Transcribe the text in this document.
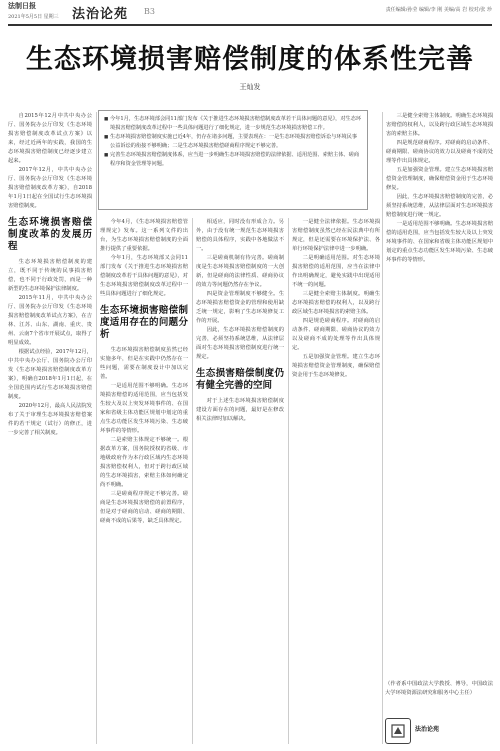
法制日报
2021年5月5日 星期三 法治论苑 B3	责任编辑/孙莹 编辑/李 刚 美编/高 岩 校对/张 珍
生态环境损害赔偿制度的体系性完善
王灿发
■ 今年1月，生态环境部会同11部门发布《关于推进生态环境损害赔偿制度改革若干具体问题的意见》，对生态环境损害赔偿制度改革过程中一些具体问题进行了细化规定，进一步规范生态环境损害赔偿工作。
■ 生态环境损害赔偿制度实施已近4年，仍存在诸多问题，主要表现在：一是生态环境损害赔偿诉讼与环境民事公益诉讼的衔接不够明确；二是生态环境损害赔偿磋商程序规定不够完善。
■ 完善生态环境损害赔偿制度体系，应当进一步明确生态环境损害赔偿的法律依据、适用范围、索赔主体、磋商程序和资金管理等问题。

自2015年12月中共中央办公厅、国务院办公厅印发《生态环境损害赔偿制度改革试点方案》以来，经过近两年的实践，我国的生态环境损害赔偿制度已经逐步建立起来。

2017年12月，中共中央办公厅、国务院办公厅印发《生态环境损害赔偿制度改革方案》，自2018年1月1日起在全国试行生态环境损害赔偿制度。

生态环境损害赔偿制度改革的发展历程

生态环境损害赔偿制度的建立，既不同于传统的民事损害赔偿，也不同于行政处罚，而是一种新型的生态环境保护法律制度。

2015年11月，中共中央办公厅、国务院办公厅印发《生态环境损害赔偿制度改革试点方案》，在吉林、江苏、山东、湖南、重庆、贵州、云南7个省市开展试点，取得了明显成效。

根据试点经验，2017年12月，中共中央办公厅、国务院办公厅印发《生态环境损害赔偿制度改革方案》，明确自2018年1月1日起，在全国范围内试行生态环境损害赔偿制度。

2020年12月，最高人民法院发布了关于审理生态环境损害赔偿案件的若干规定（试行）的修正，进一步完善了相关制度。

今年4月，《生态环境损害赔偿管理规定》发布。这一系列文件的出台，为生态环境损害赔偿制度的全面推行提供了重要依据。

今年1月，生态环境部又会同11部门发布《关于推进生态环境损害赔偿制度改革若干具体问题的意见》，对生态环境损害赔偿制度改革过程中一些具体问题进行了细化规定。

生态环境损害赔偿制度适用存在的问题分析

生态环境损害赔偿制度虽然已经实施多年，但是在实践中仍然存在一些问题，需要在制度设计中加以完善。

一是适用范围不够明确。生态环境损害赔偿的适用范围，应当包括发生较大及以上突发环境事件的、在国家和省级主体功能区规划中划定的重点生态功能区发生环境污染、生态破坏事件的等情形。

二是索赔主体规定不够统一。根据改革方案，国务院授权的省级、市地级政府作为本行政区域内生态环境损害赔偿权利人，但对于跨行政区域的生态环境损害，索赔主体如何确定尚不明确。

三是磋商程序规定不够完善。磋商是生态环境损害赔偿的前置程序，但是对于磋商的启动、磋商的期限、磋商不成的后果等，缺乏具体规定。

相适应，同时没有形成合力。另外，由于没有统一规范生态环境损害赔偿的具体程序，实践中各地做法不一。

三是磋商机制有待完善。磋商制度是生态环境损害赔偿制度的一大创新，但是磋商的法律性质、磋商协议的效力等问题仍然存在争议。

四是资金管理制度不够健全。生态环境损害赔偿资金的管理和使用缺乏统一规定，影响了生态环境修复工作的开展。

因此，生态环境损害赔偿制度的完善，必须坚持系统思维，从法律层面对生态环境损害赔偿制度进行统一规定。

生态损害赔偿制度仍有健全完善的空间

对于上述生态环境损害赔偿制度建设方面存在的问题，最好是在修改相关法律时加以解决。

一是健全法律依据。生态环境损害赔偿制度虽然已经在民法典中有所规定，但是还需要在环境保护法、各单行环境保护法律中进一步明确。

二是明确适用范围。对生态环境损害赔偿的适用范围，应当在法律中作出明确规定，避免实践中出现适用不统一的问题。

三是健全索赔主体制度。明确生态环境损害赔偿的权利人，以及跨行政区域生态环境损害的索赔主体。

四是规范磋商程序。对磋商的启动条件、磋商期限、磋商协议的效力以及磋商不成的处理等作出具体规定。

五是加强资金管理。建立生态环境损害赔偿资金管理制度，确保赔偿资金用于生态环境修复。

三是健全索赔主体制度。明确生态环境损害赔偿的权利人，以及跨行政区域生态环境损害的索赔主体。

四是规范磋商程序。对磋商的启动条件、磋商期限、磋商协议的效力以及磋商不成的处理等作出具体规定。

五是加强资金管理。建立生态环境损害赔偿资金管理制度，确保赔偿资金用于生态环境修复。

因此，生态环境损害赔偿制度的完善，必须坚持系统思维，从法律层面对生态环境损害赔偿制度进行统一规定。

一是适用范围不够明确。生态环境损害赔偿的适用范围，应当包括发生较大及以上突发环境事件的、在国家和省级主体功能区规划中划定的重点生态功能区发生环境污染、生态破坏事件的等情形。

（作者系中国政法大学教授、博导，中国政法大学环境资源法研究和服务中心主任）
法治论苑
